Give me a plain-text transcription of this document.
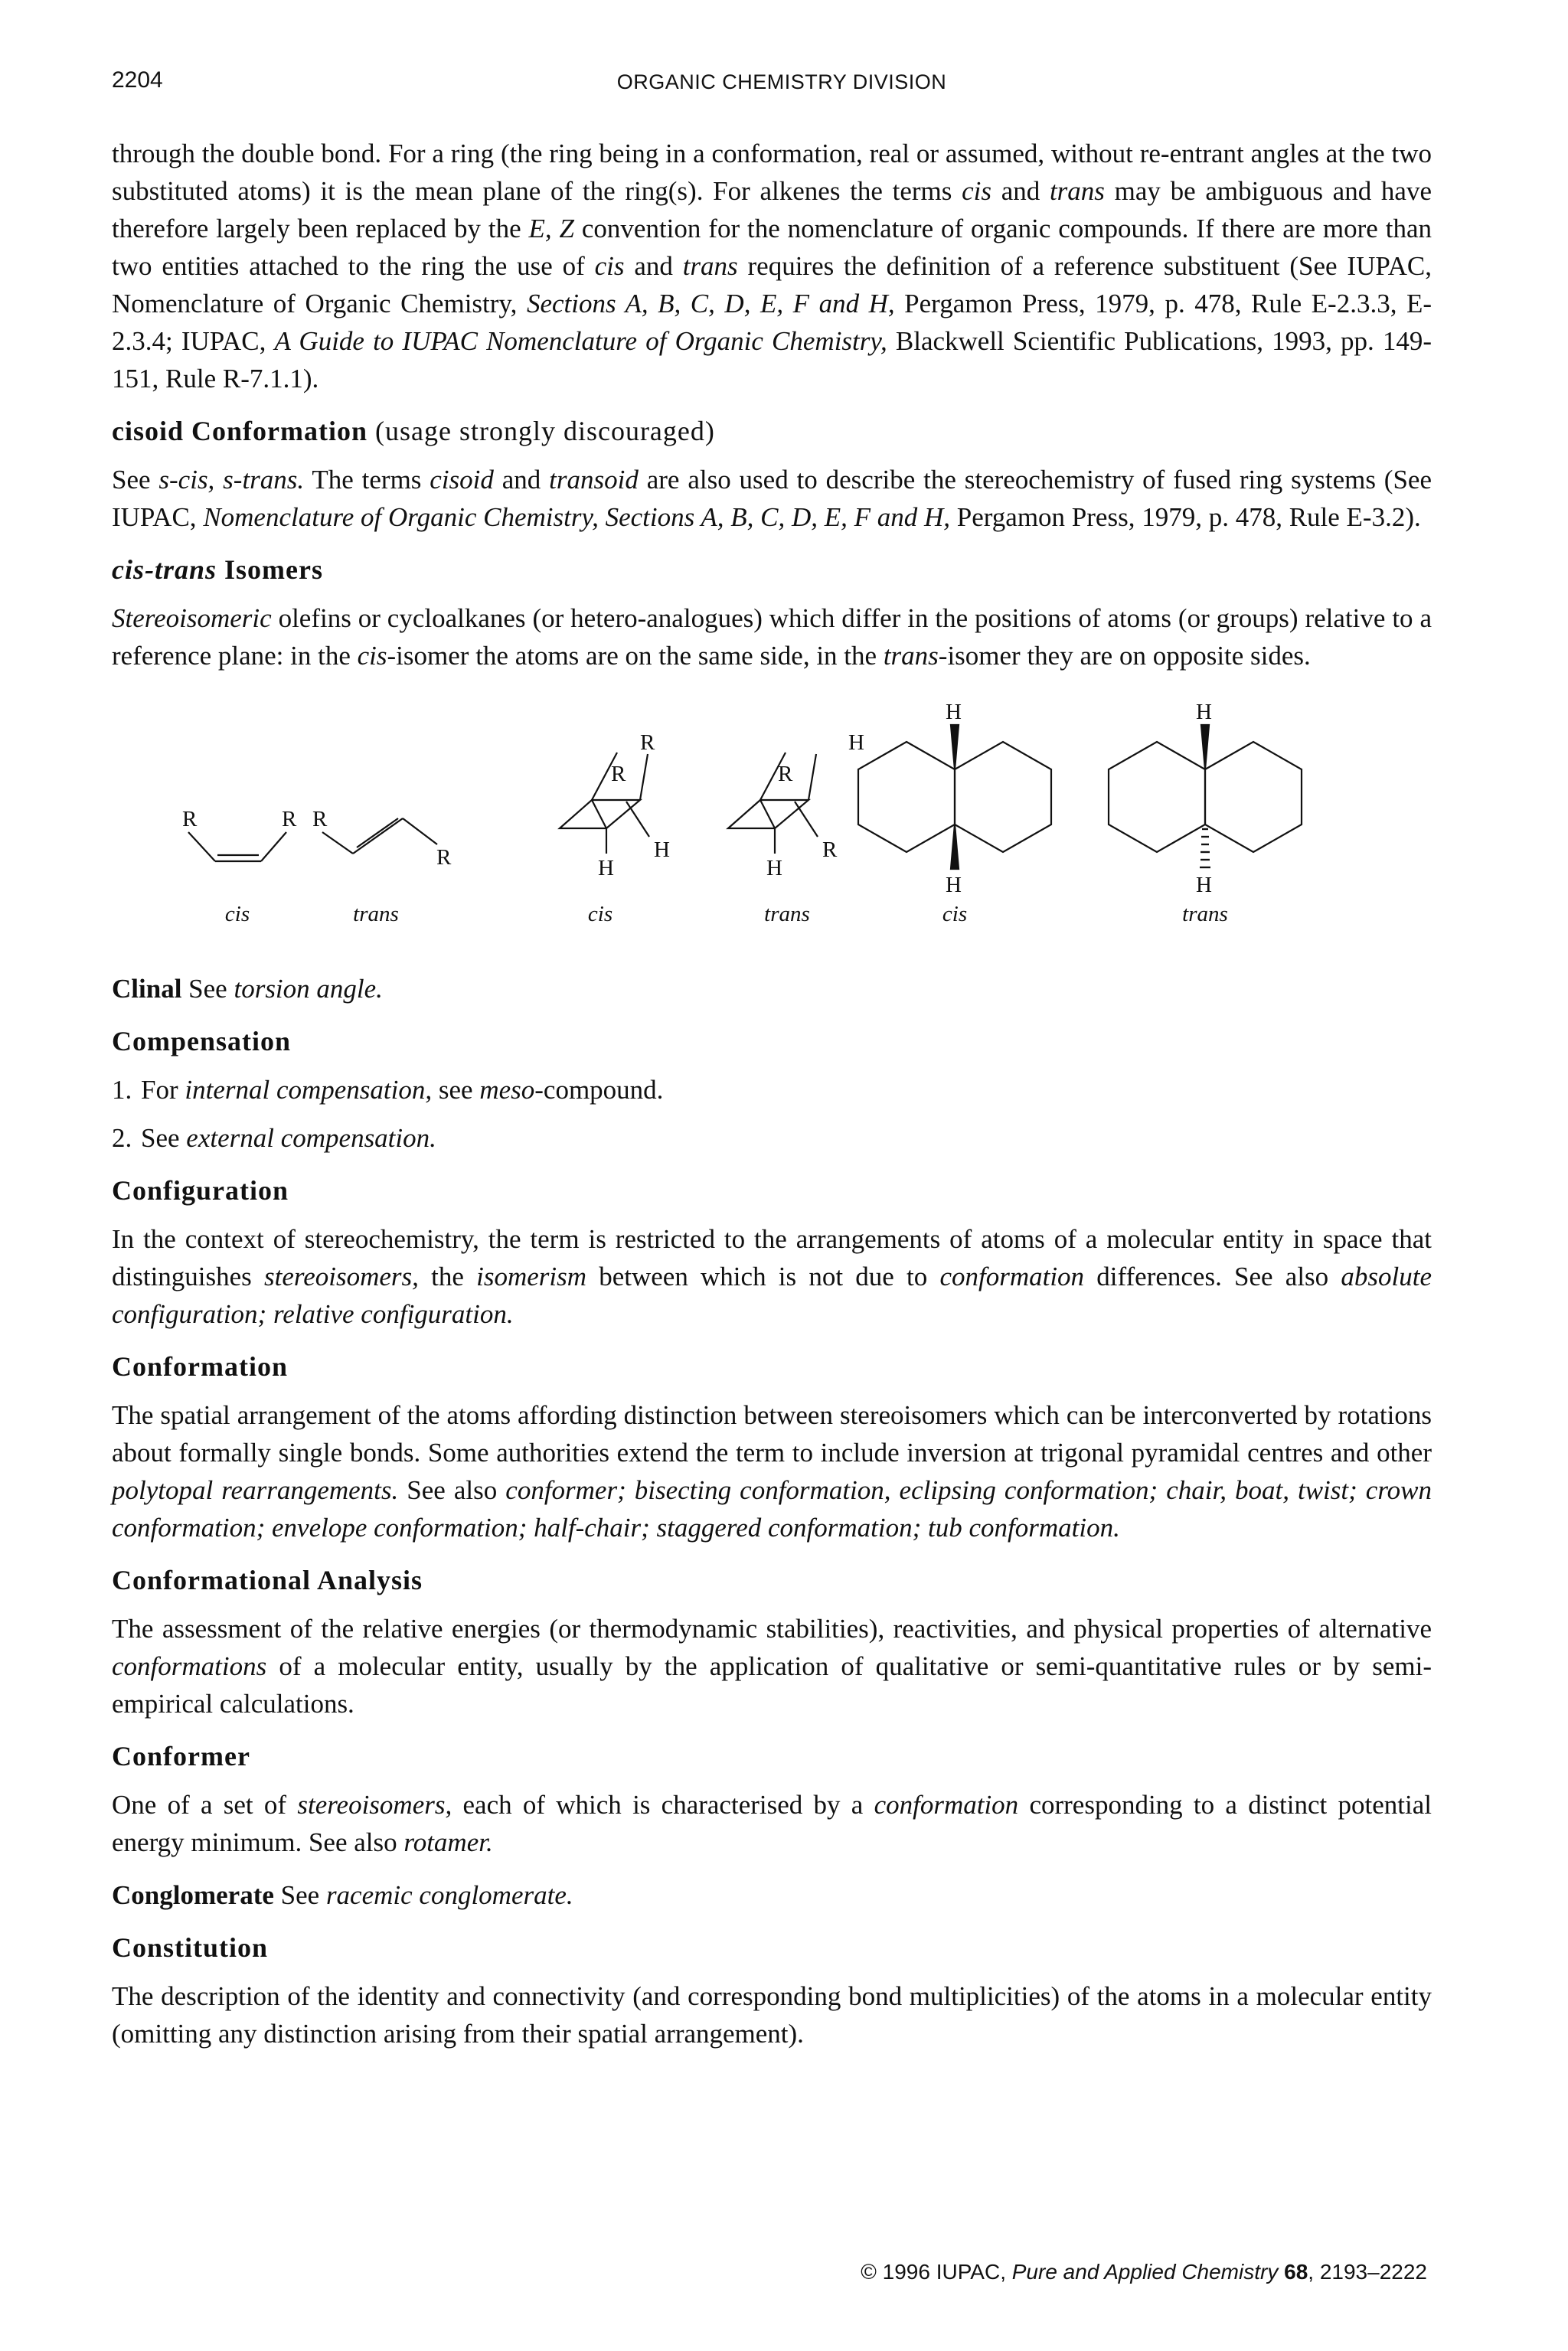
2204	ORGANIC CHEMISTRY DIVISION

through the double bond. For a ring (the ring being in a conformation, real or assumed, without re-entrant angles at the two substituted atoms) it is the mean plane of the ring(s). For alkenes the terms cis and trans may be ambiguous and have therefore largely been replaced by the E, Z convention for the nomenclature of organic compounds. If there are more than two entities attached to the ring the use of cis and trans requires the definition of a reference substituent (See IUPAC, Nomenclature of Organic Chemistry, Sections A, B, C, D, E, F and H, Pergamon Press, 1979, p. 478, Rule E-2.3.3, E-2.3.4; IUPAC, A Guide to IUPAC Nomenclature of Organic Chemistry, Blackwell Scientific Publications, 1993, pp. 149-151, Rule R-7.1.1).

cisoid Conformation (usage strongly discouraged)

See s-cis, s-trans. The terms cisoid and transoid are also used to describe the stereochemistry of fused ring systems (See IUPAC, Nomenclature of Organic Chemistry, Sections A, B, C, D, E, F and H, Pergamon Press, 1979, p. 478, Rule E-3.2).

cis-trans Isomers

Stereoisomeric olefins or cycloalkanes (or hetero-analogues) which differ in the positions of atoms (or groups) relative to a reference plane: in the cis-isomer the atoms are on the same side, in the trans-isomer they are on opposite sides.

R	R R
R
R
R
H
H
H
R
R
H
H
H
H
H
cis	trans	cis	trans	cis	trans

Clinal See torsion angle.

Compensation

1. For internal compensation, see meso-compound.

2. See external compensation.

Configuration

In the context of stereochemistry, the term is restricted to the arrangements of atoms of a molecular entity in space that distinguishes stereoisomers, the isomerism between which is not due to conformation differences. See also absolute configuration; relative configuration.

Conformation

The spatial arrangement of the atoms affording distinction between stereoisomers which can be interconverted by rotations about formally single bonds. Some authorities extend the term to include inversion at trigonal pyramidal centres and other polytopal rearrangements. See also conformer; bisecting conformation, eclipsing conformation; chair, boat, twist; crown conformation; envelope conformation; half-chair; staggered conformation; tub conformation.

Conformational Analysis

The assessment of the relative energies (or thermodynamic stabilities), reactivities, and physical properties of alternative conformations of a molecular entity, usually by the application of qualitative or semi-quantitative rules or by semi-empirical calculations.

Conformer

One of a set of stereoisomers, each of which is characterised by a conformation corresponding to a distinct potential energy minimum. See also rotamer.

Conglomerate See racemic conglomerate.

Constitution

The description of the identity and connectivity (and corresponding bond multiplicities) of the atoms in a molecular entity (omitting any distinction arising from their spatial arrangement).

© 1996 IUPAC, Pure and Applied Chemistry 68, 2193–2222
